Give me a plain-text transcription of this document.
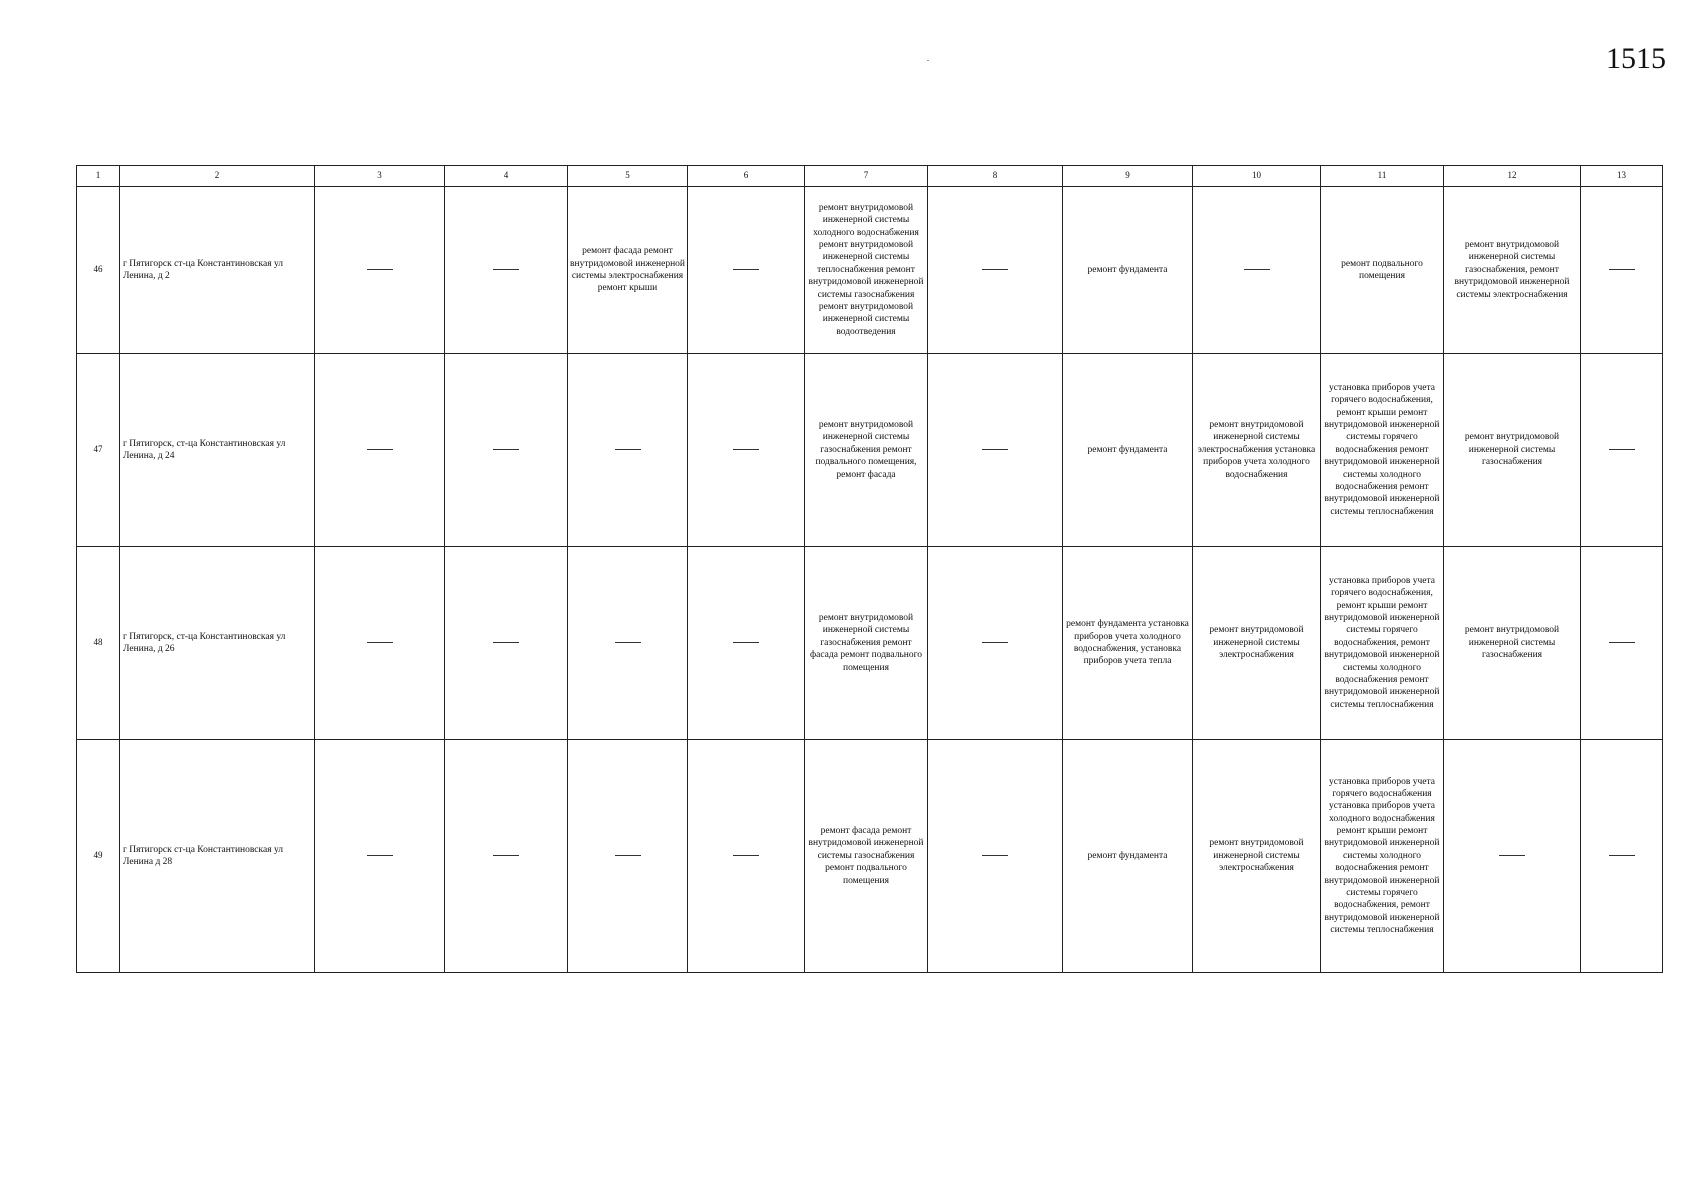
1515
1	2	3	4	5	6	7	8	9	10	11	12	13
46	г Пятигорск ст-ца Константиновская ул Ленина, д 2			ремонт фасада ремонт внутридомовой инженерной системы электроснабжения ремонт крыши		ремонт внутридомовой инженерной системы холодного водоснабжения ремонт внутридомовой инженерной системы теплоснабжения ремонт внутридомовой инженерной системы газоснабжения ремонт внутридомовой инженерной системы водоотведения		ремонт фундамента		ремонт подвального помещения	ремонт внутридомовой инженерной системы газоснабжения, ремонт внутридомовой инженерной системы электроснабжения	
47	г Пятигорск, ст-ца Константиновская ул Ленина, д 24					ремонт внутридомовой инженерной системы газоснабжения ремонт подвального помещения, ремонт фасада		ремонт фундамента	ремонт внутридомовой инженерной системы электроснабжения установка приборов учета холодного водоснабжения	установка приборов учета горячего водоснабжения, ремонт крыши ремонт внутридомовой инженерной системы горячего водоснабжения ремонт внутридомовой инженерной системы холодного водоснабжения ремонт внутридомовой инженерной системы теплоснабжения	ремонт внутридомовой инженерной системы газоснабжения	
48	г Пятигорск, ст-ца Константиновская ул Ленина, д 26					ремонт внутридомовой инженерной системы газоснабжения ремонт фасада ремонт подвального помещения		ремонт фундамента установка приборов учета холодного водоснабжения, установка приборов учета тепла	ремонт внутридомовой инженерной системы электроснабжения	установка приборов учета горячего водоснабжения, ремонт крыши ремонт внутридомовой инженерной системы горячего водоснабжения, ремонт внутридомовой инженерной системы холодного водоснабжения ремонт внутридомовой инженерной системы теплоснабжения	ремонт внутридомовой инженерной системы газоснабжения	
49	г Пятигорск ст-ца Константиновская ул Ленина д 28					ремонт фасада ремонт внутридомовой инженерной системы газоснабжения ремонт подвального помещения		ремонт фундамента	ремонт внутридомовой инженерной системы электроснабжения	установка приборов учета горячего водоснабжения установка приборов учета холодного водоснабжения ремонт крыши ремонт внутридомовой инженерной системы холодного водоснабжения ремонт внутридомовой инженерной системы горячего водоснабжения, ремонт внутридомовой инженерной системы теплоснабжения		
